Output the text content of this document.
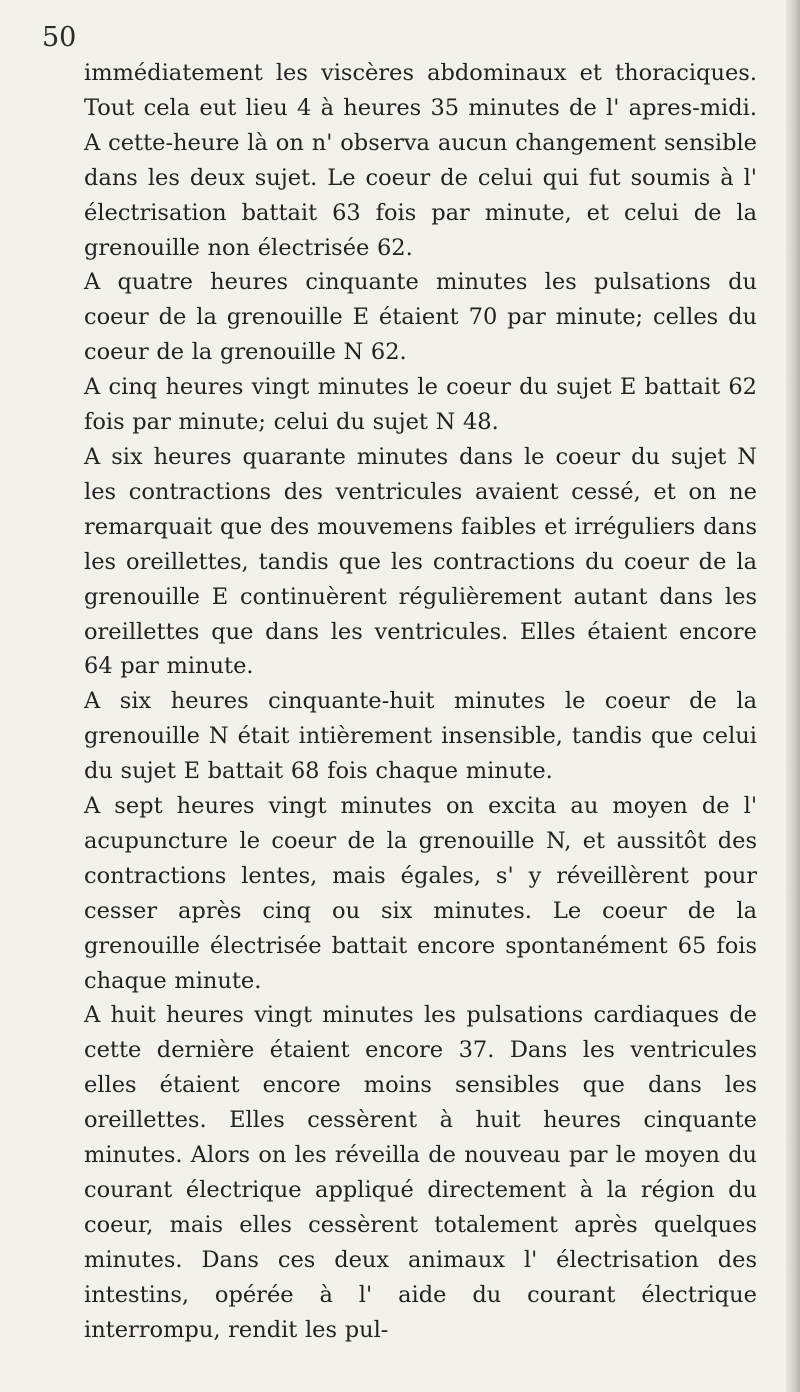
50

immédiatement les viscères abdominaux et thoraciques. Tout cela eut lieu 4 à heures 35 minutes de l' apres-midi. A cette-heure là on n' observa aucun changement sensible dans les deux sujet. Le coeur de celui qui fut soumis à l' électrisation battait 63 fois par minute, et celui de la grenouille non électrisée 62.

A quatre heures cinquante minutes les pulsations du coeur de la grenouille E étaient 70 par minute; celles du coeur de la grenouille N 62.

A cinq heures vingt minutes le coeur du sujet E battait 62 fois par minute; celui du sujet N 48.

A six heures quarante minutes dans le coeur du sujet N les contractions des ventricules avaient cessé, et on ne remarquait que des mouvemens faibles et irréguliers dans les oreillettes, tandis que les contractions du coeur de la grenouille E continuèrent régulièrement autant dans les oreillettes que dans les ventricules. Elles étaient encore 64 par minute.

A six heures cinquante-huit minutes le coeur de la grenouille N était intièrement insensible, tandis que celui du sujet E battait 68 fois chaque minute.

A sept heures vingt minutes on excita au moyen de l' acupuncture le coeur de la grenouille N, et aussitôt des contractions lentes, mais égales, s' y réveillèrent pour cesser après cinq ou six minutes. Le coeur de la grenouille électrisée battait encore spontanément 65 fois chaque minute.

A huit heures vingt minutes les pulsations cardiaques de cette dernière étaient encore 37. Dans les ventricules elles étaient encore moins sensibles que dans les oreillettes. Elles cessèrent à huit heures cinquante minutes. Alors on les réveilla de nouveau par le moyen du courant électrique appliqué directement à la région du coeur, mais elles cessèrent totalement après quelques minutes. Dans ces deux animaux l' électrisation des intestins, opérée à l' aide du courant électrique interrompu, rendit les pul-
